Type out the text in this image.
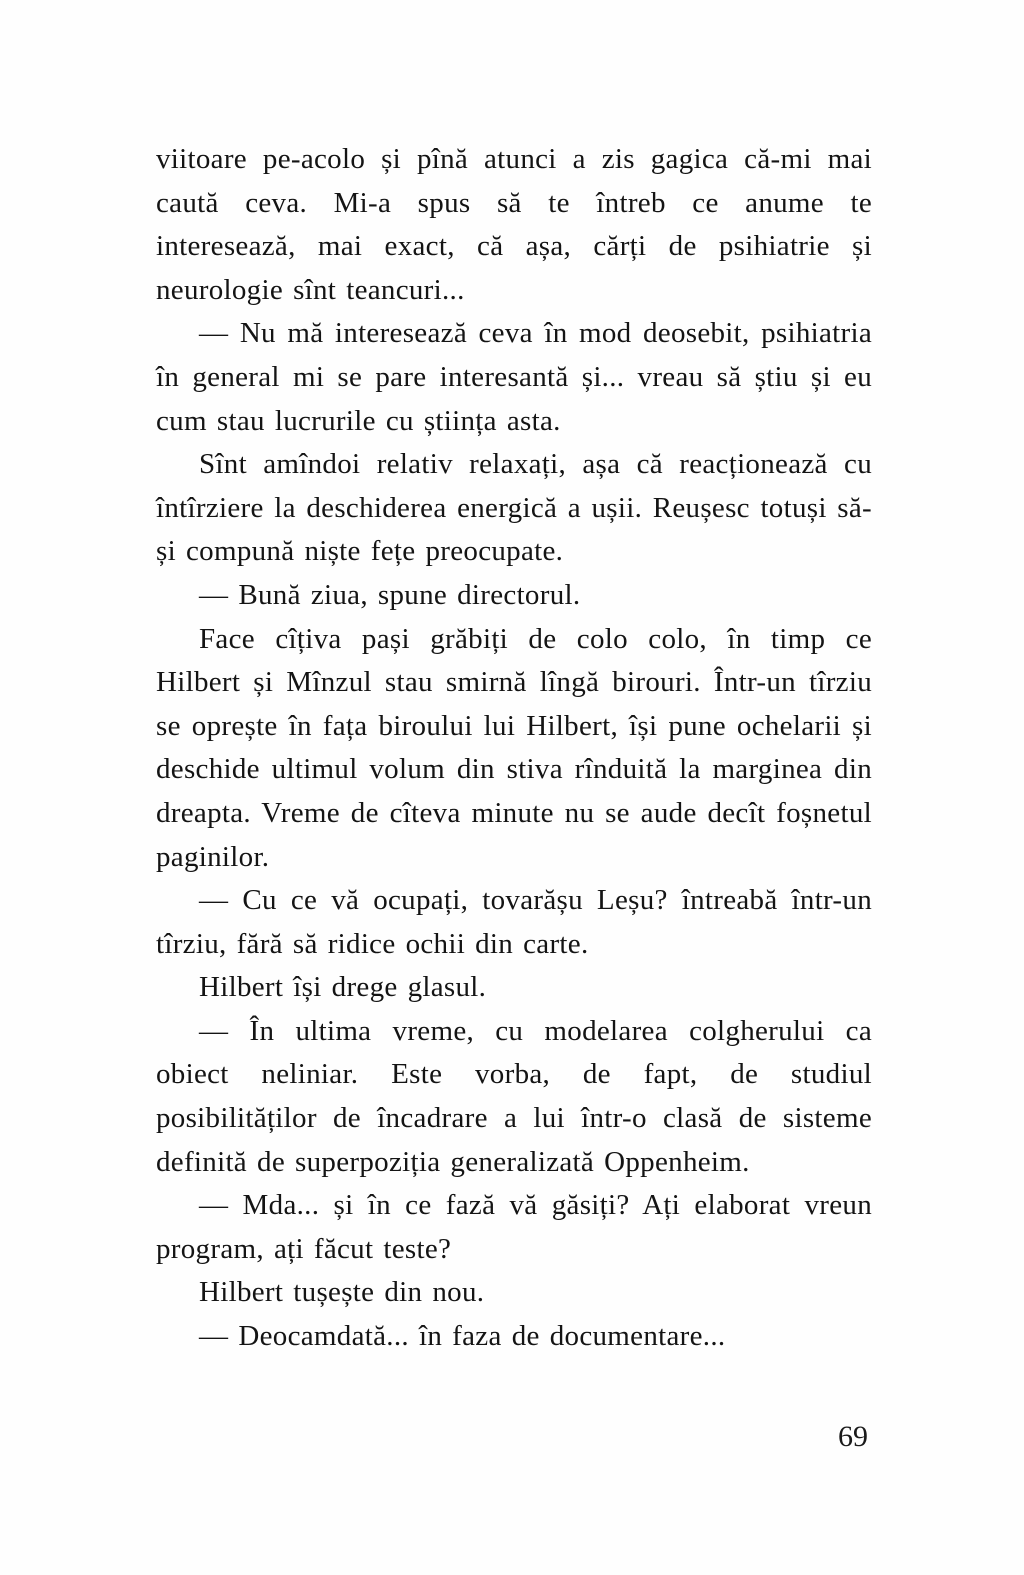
viitoare pe-acolo și pînă atunci a zis gagica că-mi mai caută ceva. Mi-a spus să te întreb ce anume te interesează, mai exact, că așa, cărți de psihiatrie și neurologie sînt teancuri...

— Nu mă interesează ceva în mod deosebit, psihiatria în general mi se pare interesantă și... vreau să știu și eu cum stau lucrurile cu știința asta.

Sînt amîndoi relativ relaxați, așa că reacționează cu întîrziere la deschiderea energică a ușii. Reușesc totuși să-și compună niște fețe preocupate.

— Bună ziua, spune directorul.

Face cîțiva pași grăbiți de colo colo, în timp ce Hilbert și Mînzul stau smirnă lîngă birouri. Într-un tîrziu se oprește în fața biroului lui Hilbert, își pune ochelarii și deschide ultimul volum din stiva rînduită la marginea din dreapta. Vreme de cîteva minute nu se aude decît foșnetul paginilor.

— Cu ce vă ocupați, tovarășu Leșu? întreabă într-un tîrziu, fără să ridice ochii din carte.

Hilbert își drege glasul.

— În ultima vreme, cu modelarea colgherului ca obiect neliniar. Este vorba, de fapt, de studiul posibilităților de încadrare a lui într-o clasă de sisteme definită de superpoziția generalizată Oppenheim.

— Mda... și în ce fază vă găsiți? Ați elaborat vreun program, ați făcut teste?

Hilbert tușește din nou.

— Deocamdată... în faza de documentare...

69
